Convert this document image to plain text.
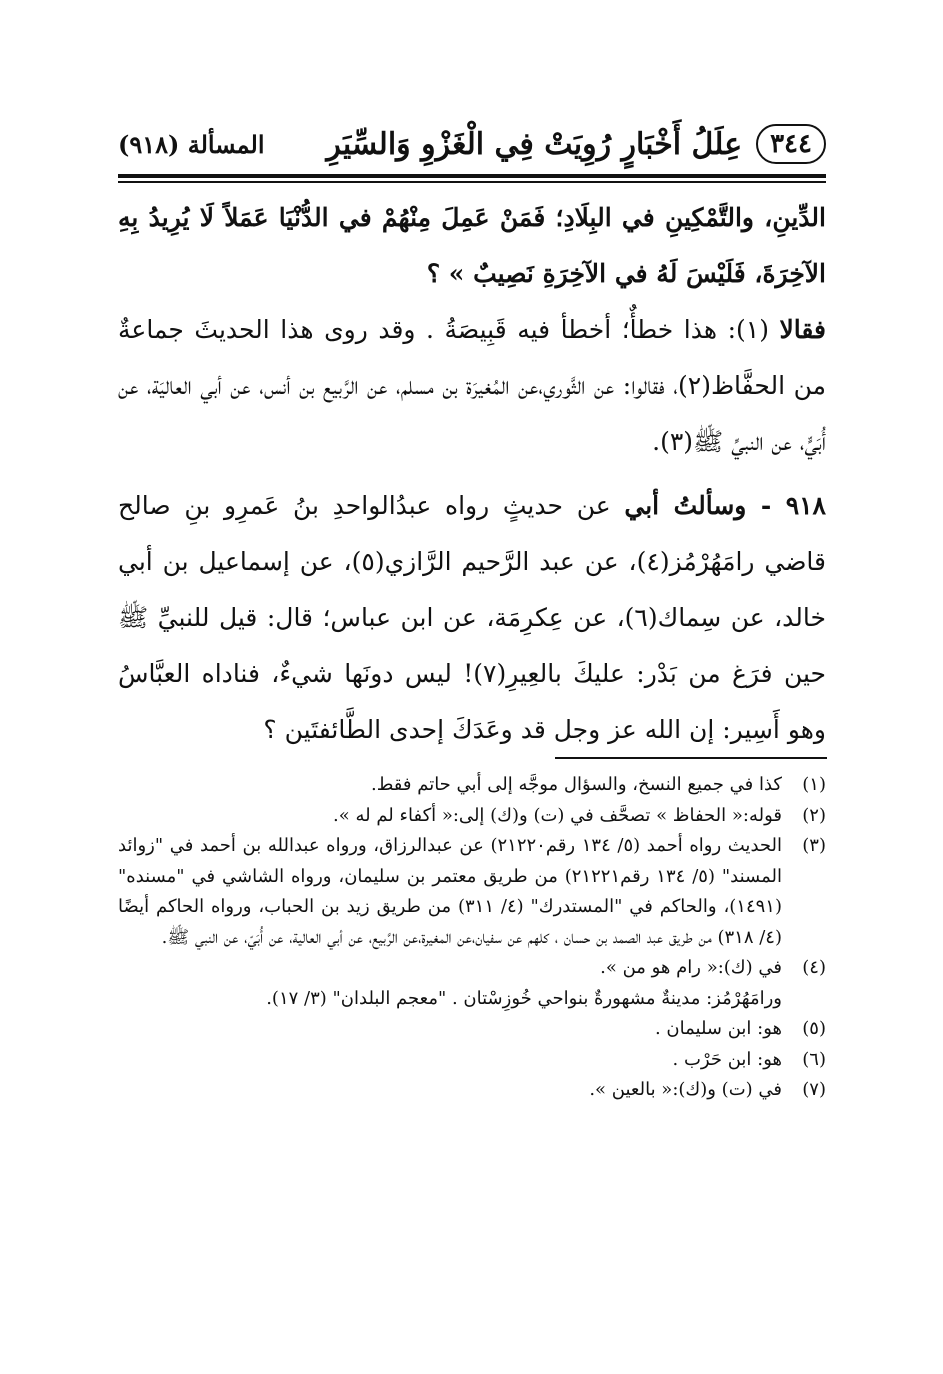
٣٤٤
عِلَلُ أَخْبَارٍ رُوِيَتْ فِي الْغَزْوِ وَالسِّيَرِ
المسألة (٩١٨)

الدِّينِ، والتَّمْكِينِ في البِلَادِ؛ فَمَنْ عَمِلَ مِنْهُمْ في الدُّنْيَا عَمَلاً لَا يُرِيدُ بِهِ الآخِرَةَ، فَلَيْسَ لَهُ في الآخِرَةِ نَصِيبٌ » ؟

فقالا (١): هذا خطأٌ؛ أخطأ فيه قَبِيصَةُ . وقد روى هذا الحديثَ جماعةٌ من الحفَّاظ(٢)، فقالوا: عن الثَّوري،عن المُغيرَة بن مسلم، عن الرَّبيع بن أنس، عن أبي العاليَة، عن أُبَيٍّ، عن النبيِّ ﷺ(٣).

٩١٨ - وسألتُ أبي عن حديثٍ رواه عبدُالواحدِ بنُ عَمرِو بنِ صالح قاضي رامَهُرْمُز(٤)، عن عبد الرَّحيم الرَّازي(٥)، عن إسماعيل بن أبي خالد، عن سِماك(٦)، عن عِكرِمَة، عن ابن عباس؛ قال: قيل للنبيِّ ﷺ حين فرَغ من بَدْر: عليكَ بالعِيرِ(٧)! ليس دونَها شيءٌ، فناداه العبَّاسُ وهو أَسِير: إن الله عز وجل قد وعَدَكَ إحدى الطَّائفتَين ؟

(١)
كذا في جميع النسخ، والسؤال موجَّه إلى أبي حاتم فقط.
(٢)
قوله:« الحفاظ » تصحَّف في (ت) و(ك) إلى:« أكفاء لم له ».
(٣)
الحديث رواه أحمد (٥/ ١٣٤ رقم٢١٢٢٠) عن عبدالرزاق، ورواه عبدالله بن أحمد في "زوائد المسند" (٥/ ١٣٤ رقم٢١٢٢١) من طريق معتمر بن سليمان، ورواه الشاشي في "مسنده" (١٤٩١)، والحاكم في "المستدرك" (٤/ ٣١١) من طريق زيد بن الحباب، ورواه الحاكم أيضًا (٤/ ٣١٨) من طريق عبد الصمد بن حسان ، كلهم عن سفيان،عن المغيرة،عن الرَّبيع، عن أبي العالية، عن أُبَيّ، عن النبي ﷺ.
(٤)
في (ك):« رام هو من ».
ورامَهُرْمُز: مدينةٌ مشهورةٌ بنواحي خُوزِسْتان . "معجم البلدان" (٣/ ١٧).
(٥)
هو: ابن سليمان .
(٦)
هو: ابن حَرْب .
(٧)
في (ت) و(ك):« بالعين ».
